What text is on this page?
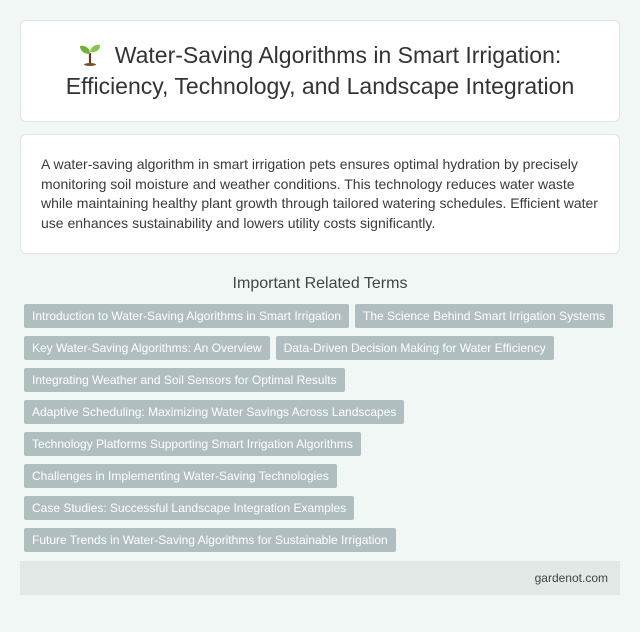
Water-Saving Algorithms in Smart Irrigation: Efficiency, Technology, and Landscape Integration

A water-saving algorithm in smart irrigation pets ensures optimal hydration by precisely monitoring soil moisture and weather conditions. This technology reduces water waste while maintaining healthy plant growth through tailored watering schedules. Efficient water use enhances sustainability and lowers utility costs significantly.

Important Related Terms
Introduction to Water-Saving Algorithms in Smart Irrigation	The Science Behind Smart Irrigation Systems
Key Water-Saving Algorithms: An Overview	Data-Driven Decision Making for Water Efficiency
Integrating Weather and Soil Sensors for Optimal Results
Adaptive Scheduling: Maximizing Water Savings Across Landscapes
Technology Platforms Supporting Smart Irrigation Algorithms
Challenges in Implementing Water-Saving Technologies
Case Studies: Successful Landscape Integration Examples
Future Trends in Water-Saving Algorithms for Sustainable Irrigation
gardenot.com
